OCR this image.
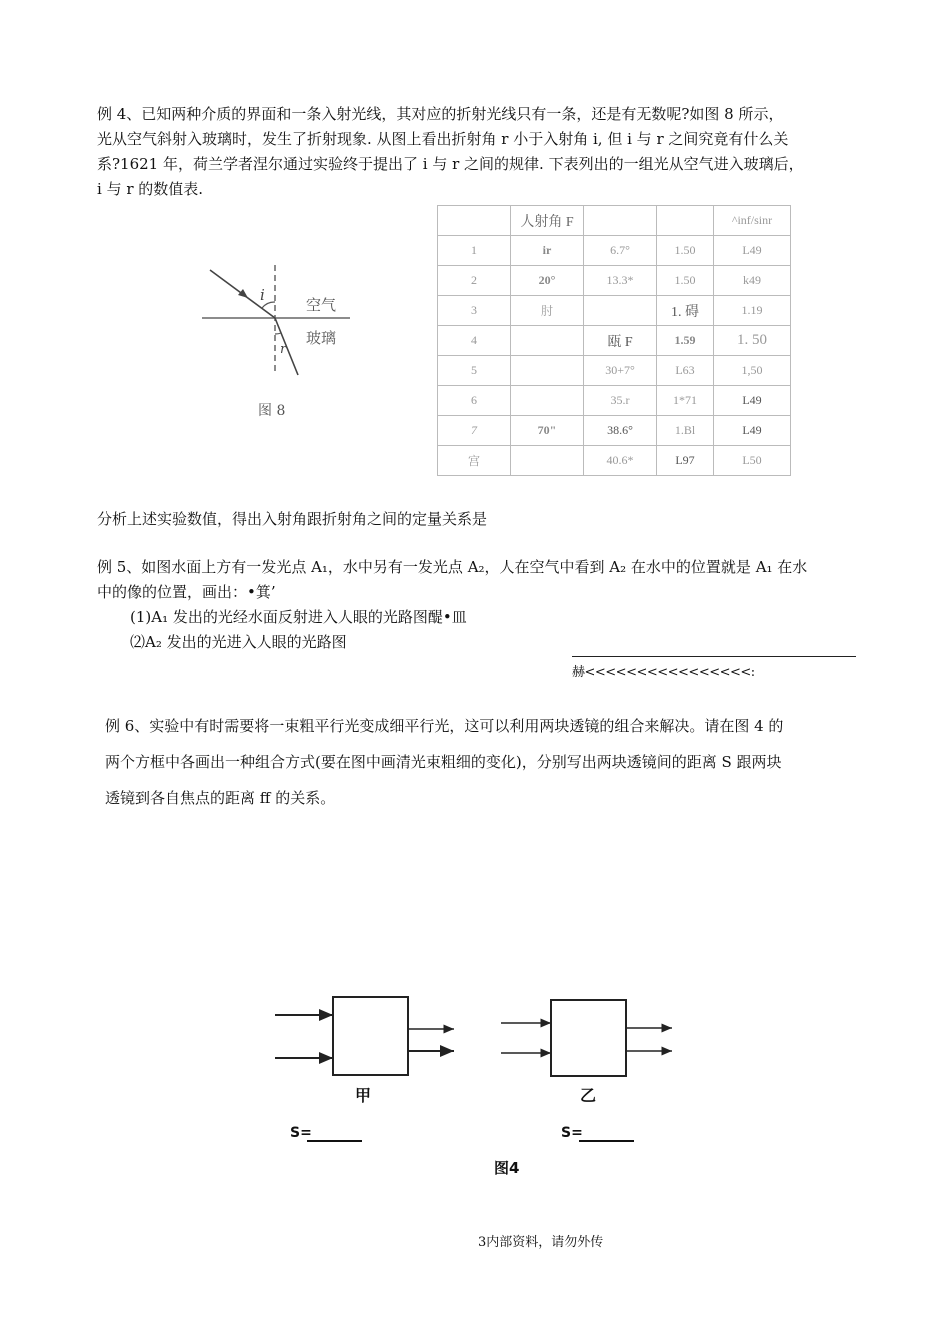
例 4、已知两种介质的界面和一条入射光线，其对应的折射光线只有一条，还是有无数呢?如图 8 所示，
光从空气斜射入玻璃时，发生了折射现象. 从图上看出折射角 r 小于入射角 i, 但 i 与 r 之间究竟有什么关
系?1621 年，荷兰学者涅尔通过实验终于提出了 i 与 r 之间的规律. 下表列出的一组光从空气进入玻璃后，
i 与 r 的数值表.
i
r
空气
玻璃
图 8
	人射角 F			^inf/sinr
1	ir	6.7°	1.50	L49
2	20°	13.3*	1.50	k49
3	肘		1. 碍	1.19
4		瓯 F	1.59	1. 50
5		30+7°	L63	1,50
6		35.r	1*71	L49
7	70"	38.6°	1.Bl	L49
宫		40.6*	L97	L50
分析上述实验数值，得出入射角跟折射角之间的定量关系是
例 5、如图水面上方有一发光点 A₁，水中另有一发光点 A₂，人在空气中看到 A₂ 在水中的位置就是 A₁ 在水
中的像的位置，画出：•箕’
(1)A₁ 发出的光经水面反射进入人眼的光路图醍•皿
⑵A₂ 发出的光进入人眼的光路图
赫<<<<<<<<<<<<<<<<:
例 6、实验中有时需要将一束粗平行光变成细平行光，这可以利用两块透镜的组合来解决。请在图 4 的
两个方框中各画出一种组合方式(要在图中画清光束粗细的变化)，分别写出两块透镜间的距离 S 跟两块
透镜到各自焦点的距离 ff 的关系。
甲	乙
S=	S=
图4
3内部资料，请勿外传
